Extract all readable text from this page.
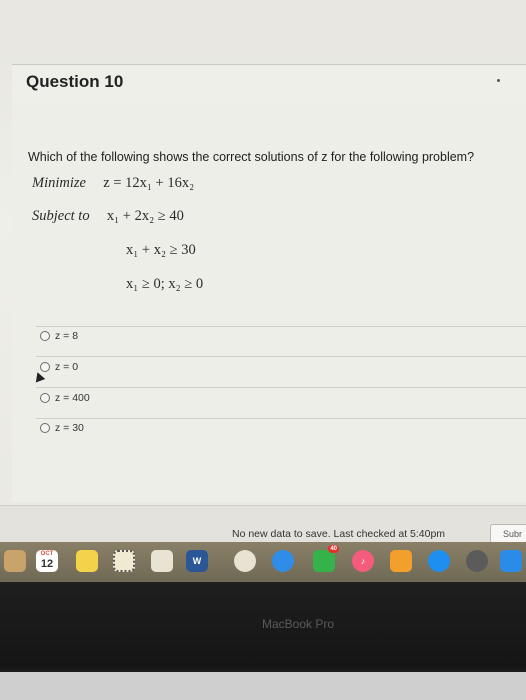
Question 10
Which of the following shows the correct solutions of z for the following problem?
Minimize z = 12x₁ + 16x₂
Subject to x₁ + 2x₂ ≥ 40
x₁ + x₂ ≥ 30
x₁ ≥ 0; x₂ ≥ 0
z = 8
z = 0
z = 400
z = 30
No new data to save. Last checked at 5:40pm	Subr
OCT
12	W
40
♪
MacBook Pro
